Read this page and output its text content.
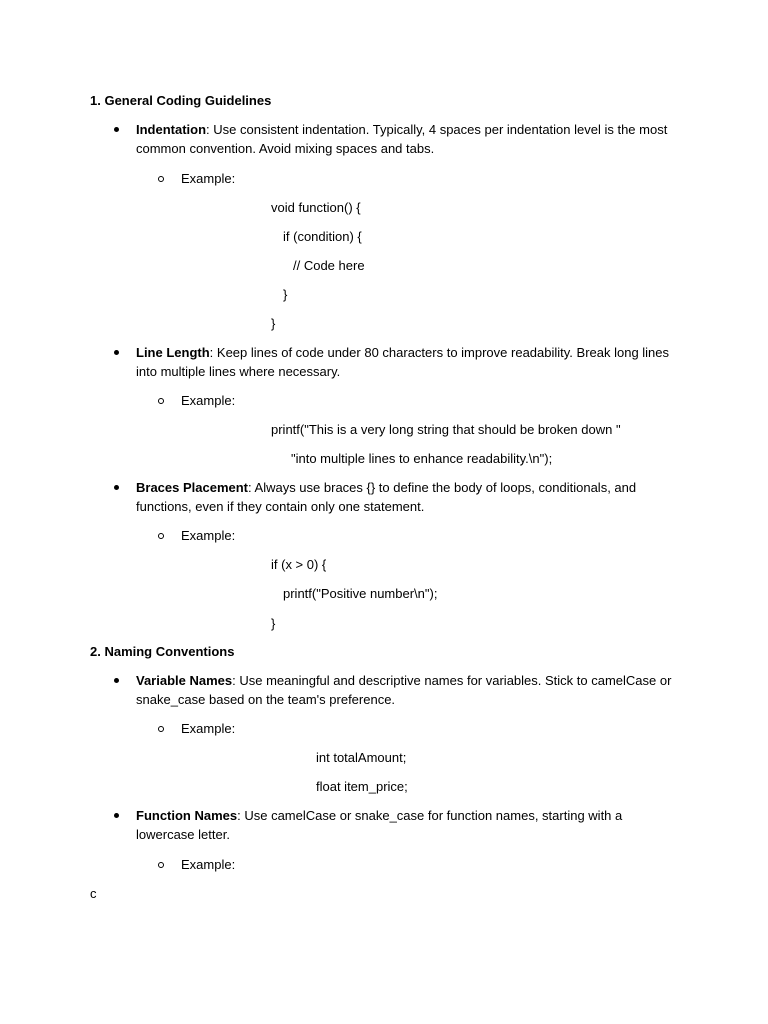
1. General Coding Guidelines
Indentation: Use consistent indentation. Typically, 4 spaces per indentation level is the most common convention. Avoid mixing spaces and tabs.
Example:
void function() {
if (condition) {
// Code here
}
}
Line Length: Keep lines of code under 80 characters to improve readability. Break long lines into multiple lines where necessary.
Example:
printf("This is a very long string that should be broken down "
"into multiple lines to enhance readability.\n");
Braces Placement: Always use braces {} to define the body of loops, conditionals, and functions, even if they contain only one statement.
Example:
if (x > 0) {
printf("Positive number\n");
}
2. Naming Conventions
Variable Names: Use meaningful and descriptive names for variables. Stick to camelCase or snake_case based on the team's preference.
Example:
int totalAmount;
float item_price;
Function Names: Use camelCase or snake_case for function names, starting with a lowercase letter.
Example:
c
